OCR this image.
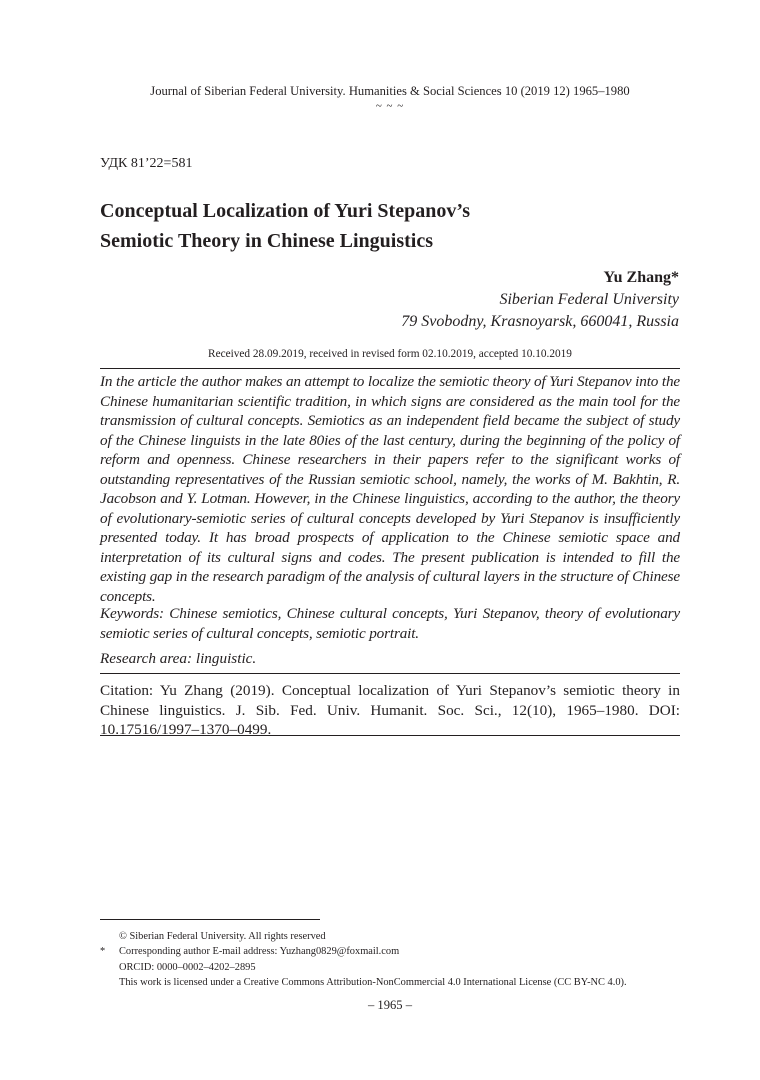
Journal of Siberian Federal University. Humanities & Social Sciences 10 (2019 12) 1965–1980
~ ~ ~
УДК 81’22=581
Conceptual Localization of Yuri Stepanov’s
Semiotic Theory in Chinese Linguistics
Yu Zhang*
Siberian Federal University
79 Svobodny, Krasnoyarsk, 660041, Russia
Received 28.09.2019, received in revised form 02.10.2019, accepted 10.10.2019
In the article the author makes an attempt to localize the semiotic theory of Yuri Stepanov into the Chinese humanitarian scientific tradition, in which signs are considered as the main tool for the transmission of cultural concepts. Semiotics as an independent field became the subject of study of the Chinese linguists in the late 80ies of the last century, during the beginning of the policy of reform and openness. Chinese researchers in their papers refer to the significant works of outstanding representatives of the Russian semiotic school, namely, the works of M. Bakhtin, R. Jacobson and Y. Lotman. However, in the Chinese linguistics, according to the author, the theory of evolutionary-semiotic series of cultural concepts developed by Yuri Stepanov is insufficiently presented today. It has broad prospects of application to the Chinese semiotic space and interpretation of its cultural signs and codes. The present publication is intended to fill the existing gap in the research paradigm of the analysis of cultural layers in the structure of Chinese concepts.
Keywords: Chinese semiotics, Chinese cultural concepts, Yuri Stepanov, theory of evolutionary semiotic series of cultural concepts, semiotic portrait.
Research area: linguistic.
Citation: Yu Zhang (2019). Conceptual localization of Yuri Stepanov’s semiotic theory in Chinese linguistics. J. Sib. Fed. Univ. Humanit. Soc. Sci., 12(10), 1965–1980. DOI: 10.17516/1997–1370–0499.
© Siberian Federal University. All rights reserved
* Corresponding author E-mail address: Yuzhang0829@foxmail.com
ORCID: 0000–0002–4202–2895
This work is licensed under a Creative Commons Attribution-NonCommercial 4.0 International License (CC BY-NC 4.0).
– 1965 –
